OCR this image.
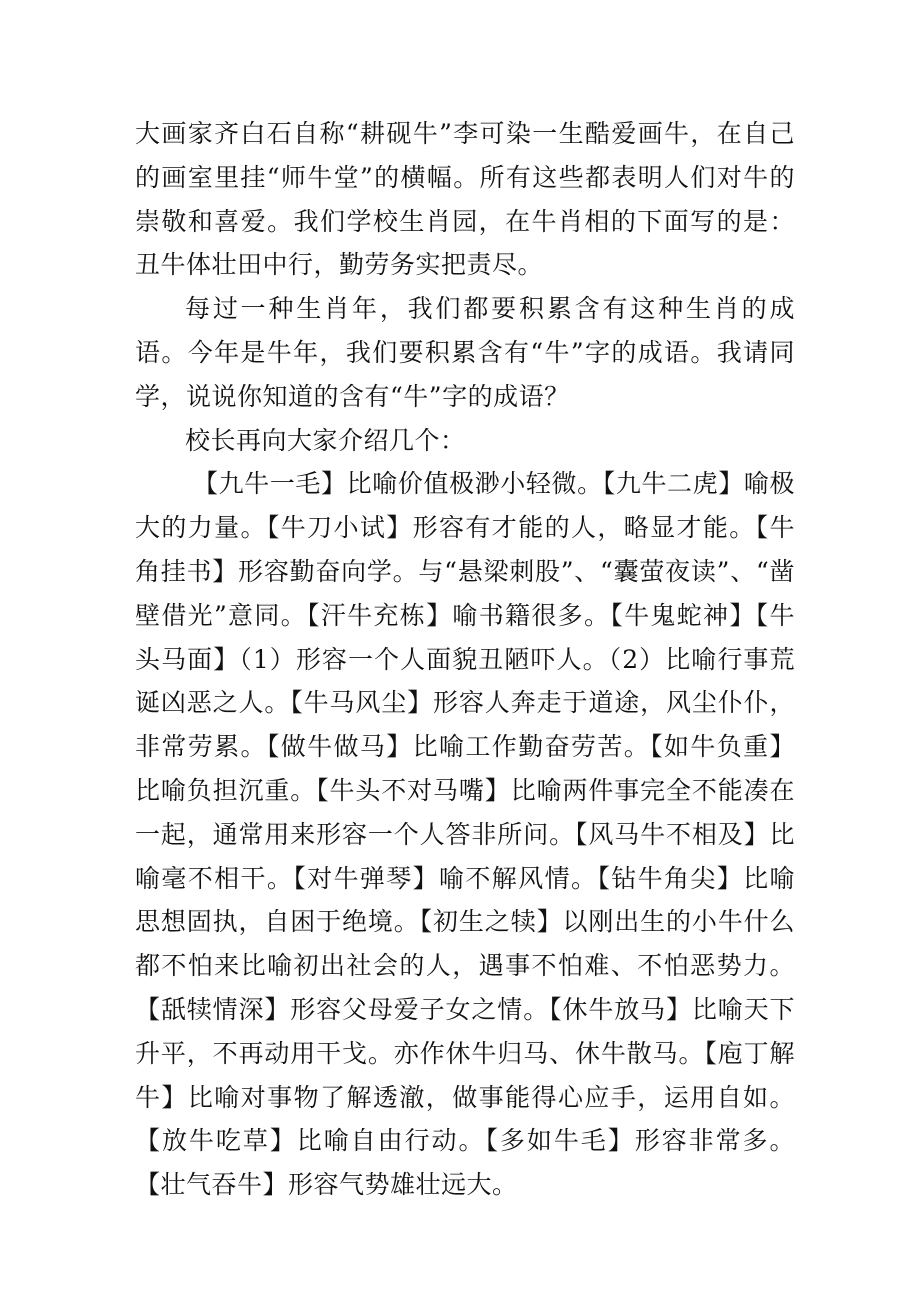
大画家齐白石自称“耕砚牛”李可染一生酷爱画牛，在自己的画室里挂“师牛堂”的横幅。所有这些都表明人们对牛的崇敬和喜爱。我们学校生肖园，在牛肖相的下面写的是：丑牛体壮田中行，勤劳务实把责尽。

每过一种生肖年，我们都要积累含有这种生肖的成语。今年是牛年，我们要积累含有“牛”字的成语。我请同学，说说你知道的含有“牛”字的成语？

校长再向大家介绍几个：

【九牛一毛】比喻价值极渺小轻微。【九牛二虎】喻极大的力量。【牛刀小试】形容有才能的人，略显才能。【牛角挂书】形容勤奋向学。与“悬梁刺股”、“囊萤夜读”、“凿壁借光”意同。【汗牛充栋】喻书籍很多。【牛鬼蛇神】【牛头马面】（1）形容一个人面貌丑陋吓人。（2）比喻行事荒诞凶恶之人。【牛马风尘】形容人奔走于道途，风尘仆仆，非常劳累。【做牛做马】比喻工作勤奋劳苦。【如牛负重】比喻负担沉重。【牛头不对马嘴】比喻两件事完全不能凑在一起，通常用来形容一个人答非所问。【风马牛不相及】比喻毫不相干。【对牛弹琴】喻不解风情。【钻牛角尖】比喻思想固执，自困于绝境。【初生之犊】以刚出生的小牛什么都不怕来比喻初出社会的人，遇事不怕难、不怕恶势力。【舐犊情深】形容父母爱子女之情。【休牛放马】比喻天下升平，不再动用干戈。亦作休牛归马、休牛散马。【庖丁解牛】比喻对事物了解透澈，做事能得心应手，运用自如。【放牛吃草】比喻自由行动。【多如牛毛】形容非常多。【壮气吞牛】形容气势雄壮远大。
